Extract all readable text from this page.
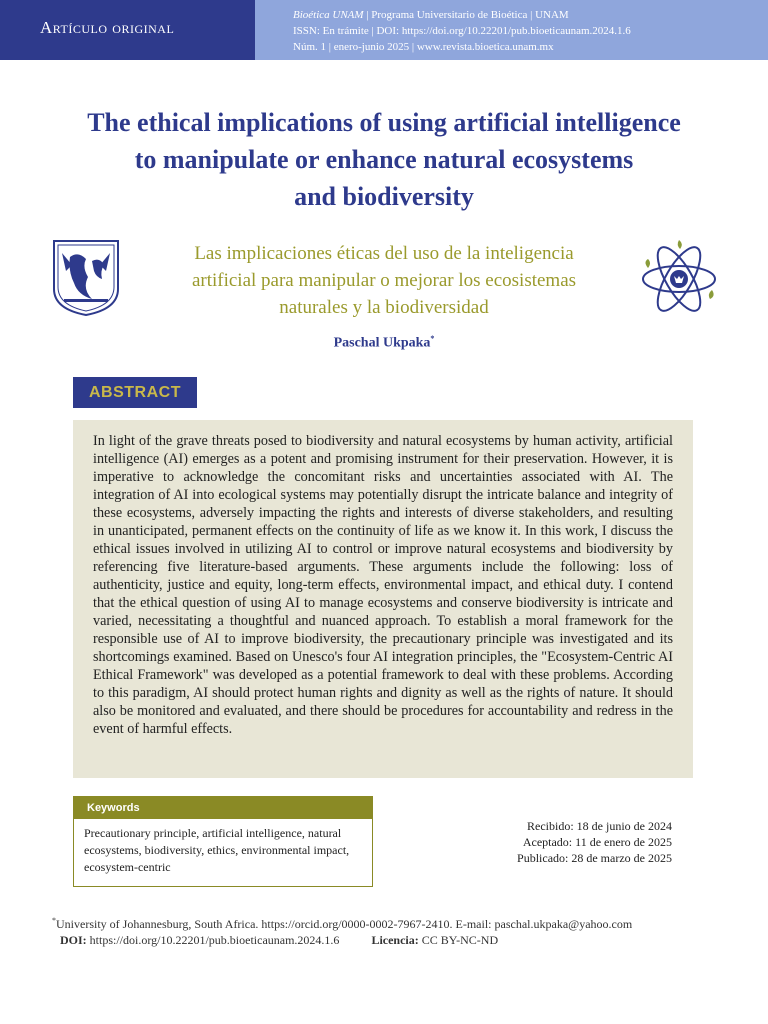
Artículo original
Bioética UNAM | Programa Universitario de Bioética | UNAM
ISSN: En trámite | DOI: https://doi.org/10.22201/pub.bioeticaunam.2024.1.6
Núm. 1 | enero-junio 2025 | www.revista.bioetica.unam.mx
The ethical implications of using artificial intelligence
to manipulate or enhance natural ecosystems
and biodiversity
Las implicaciones éticas del uso de la inteligencia
artificial para manipular o mejorar los ecosistemas
naturales y la biodiversidad
Paschal Ukpaka*
ABSTRACT
In light of the grave threats posed to biodiversity and natural ecosystems by human activity, artificial intelligence (AI) emerges as a potent and promising instrument for their preservation. However, it is imperative to acknowledge the concomitant risks and uncertainties associated with AI. The integration of AI into ecological systems may potentially disrupt the intricate balance and integrity of these ecosystems, adversely impacting the rights and interests of diverse stakeholders, and resulting in unanticipated, permanent effects on the continuity of life as we know it. In this work, I discuss the ethical issues involved in utilizing AI to control or improve natural ecosystems and biodiversity by referencing five literature-based arguments. These arguments include the following: loss of authenticity, justice and equity, long-term effects, environmental impact, and ethical duty. I contend that the ethical question of using AI to manage ecosystems and conserve biodiversity is intricate and varied, necessitating a thoughtful and nuanced approach. To establish a moral framework for the responsible use of AI to improve biodiversity, the precautionary principle was investigated and its shortcomings examined. Based on Unesco's four AI integration principles, the "Ecosystem-Centric AI Ethical Framework" was developed as a potential framework to deal with these problems. According to this paradigm, AI should protect human rights and dignity as well as the rights of nature. It should also be monitored and evaluated, and there should be procedures for accountability and redress in the event of harmful effects.
Keywords
Precautionary principle, artificial intelligence, natural ecosystems, biodiversity, ethics, environmental impact, ecosystem-centric
Recibido: 18 de junio de 2024
Aceptado: 11 de enero de 2025
Publicado: 28 de marzo de 2025
*University of Johannesburg, South Africa. https://orcid.org/0000-0002-7967-2410. E-mail: paschal.ukpaka@yahoo.com
DOI: https://doi.org/10.22201/pub.bioeticaunam.2024.1.6	Licencia: CC BY-NC-ND
